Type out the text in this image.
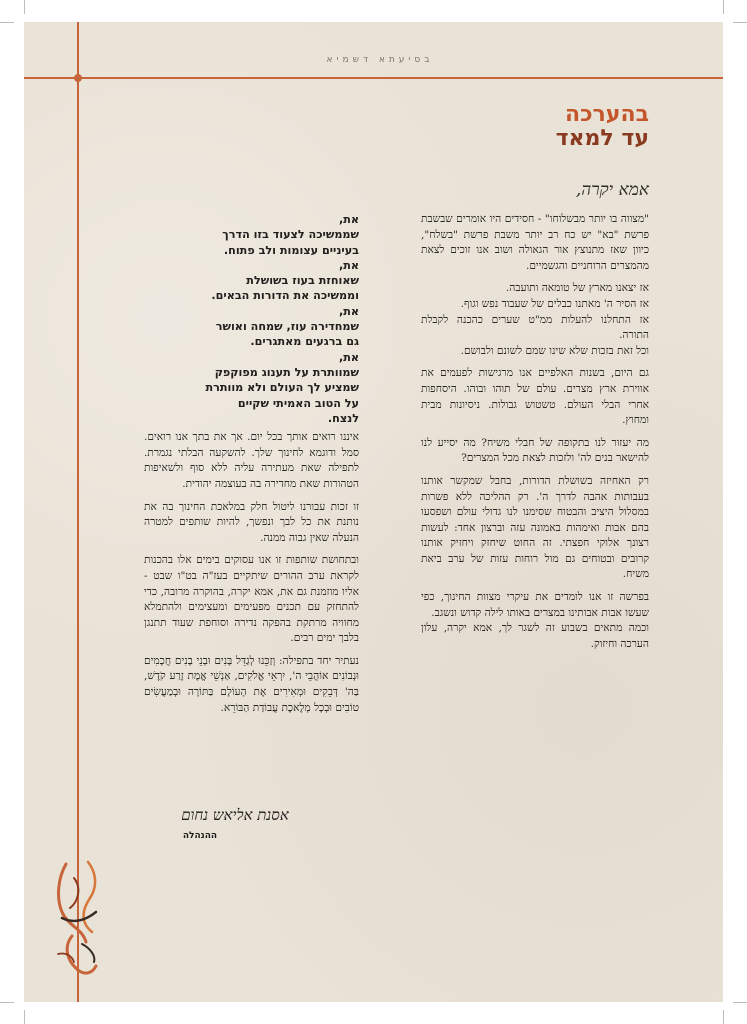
בסיעתא דשמיא
בהערכה
עד למאד
אמא יקרה,

"מצווה בו יותר מבשלוחו" - חסידים היו אומרים שבשבת פרשת "בא" יש כח רב יותר משבת פרשת "בשלח", כיוון שאז מתנוצץ אור הגאולה ושוב אנו זוכים לצאת מהמצרים הרוחניים והגשמיים.

אז יצאנו מארץ של טומאה ותועבה.

אז הסיר ה' מאתנו כבלים של שעבוד נפש וגוף.

אז התחלנו להעלות ממ"ט שערים כהכנה לקבלת התורה.

וכל זאת בזכות שלא שינו שמם לשונם ולבושם.

גם היום, בשנות האלפיים אנו מרגישות לפעמים את אווירת ארץ מצרים. עולם של תוהו ובוהו. היסחפות אחרי הבלי העולם. טשטוש גבולות. ניסיונות מבית ומחוץ.

מה יעזור לנו בתקופה של חבלי משיח? מה יסייע לנו להישאר בנים לה' ולזכות לצאת מכל המצרים?

רק האחיזה בשושלת הדורות, בחבל שמקשר אותנו בעבותות אהבה לדרך ה'. רק ההליכה ללא פשרות במסלול היציב והבטוח שסימנו לנו גדולי עולם ושפסעו בהם אבות ואימהות באמונה עזה וברצון אחד: לעשות רצונך אלוקי חפצתי. זה החוט שיחזק ויחזיק אותנו קרובים ובטוחים גם מול רוחות עזות של ערב ביאת משיח.

בפרשה זו אנו לומדים את עיקרי מצוות החינוך, כפי שעשו אבות אבותינו במצרים באותו לילה קדוש ונשגב.

וכמה מתאים בשבוע זה לשגר לך, אמא יקרה, עלון הערכה וחיזוק.

את,
שממשיכה לצעוד בזו הדרך
בעיניים עצומות ולב פתוח.
את,
שאוחזת בעוז בשושלת
וממשיכה את הדורות הבאים.
את,
שמחדירה עוז, שמחה ואושר
גם ברגעים מאתגרים.
את,
שמוותרת על תענוג מפוקפק
שמציע לך העולם ולא מוותרת
על הטוב האמיתי שקיים
לנצח.

איננו רואים אותך בכל יום. אך את בתך אנו רואים. סמל ודוגמא לחינוך שלך. להשקעה הבלתי נגמרת. לתפילה שאת מעתירה עליה ללא סוף ולשאיפות הטהורות שאת מחדירה בה בעוצמה יהודית.

זו זכות עבורנו ליטול חלק במלאכת החינוך בה את נותנת את כל לבך ונפשך, להיות שותפים למטרה הנעלה שאין גבוה ממנה.

ובתחושת שותפות זו אנו עסוקים בימים אלו בהכנות לקראת ערב ההורים שיתקיים בעז"ה בט"ו שבט - אליו מוזמנת גם את, אמא יקרה, בהוקרה מרובה, כדי להתחזק עם תכנים מפעימים ומעצימים ולהתמלא מחוויה מרתקת בהפקה נדירה וסוחפת שעוד תתנגן בלבך ימים רבים.

נעתיר יחד בתפילה: וְזַכֵּנוּ לְגַדֵּל בָּנִים וּבְנֵי בָנִים חֲכָמִים וּנְבוֹנִים אוֹהֲבֵי ה', יִרְאֵי אֱלֹקִים, אַנְשֵׁי אֱמֶת זֶרַע קֹדֶשׁ, בַּה' דְּבֵקִים וּמְאִירִים אֶת הָעוֹלָם בַּתּוֹרָה וּבְמַעֲשִׂים טוֹבִים וּבְכָל מְלֶאכֶת עֲבוֹדַת הַבּוֹרֵא.

אסנת אליאש נחום
ההנהלה
